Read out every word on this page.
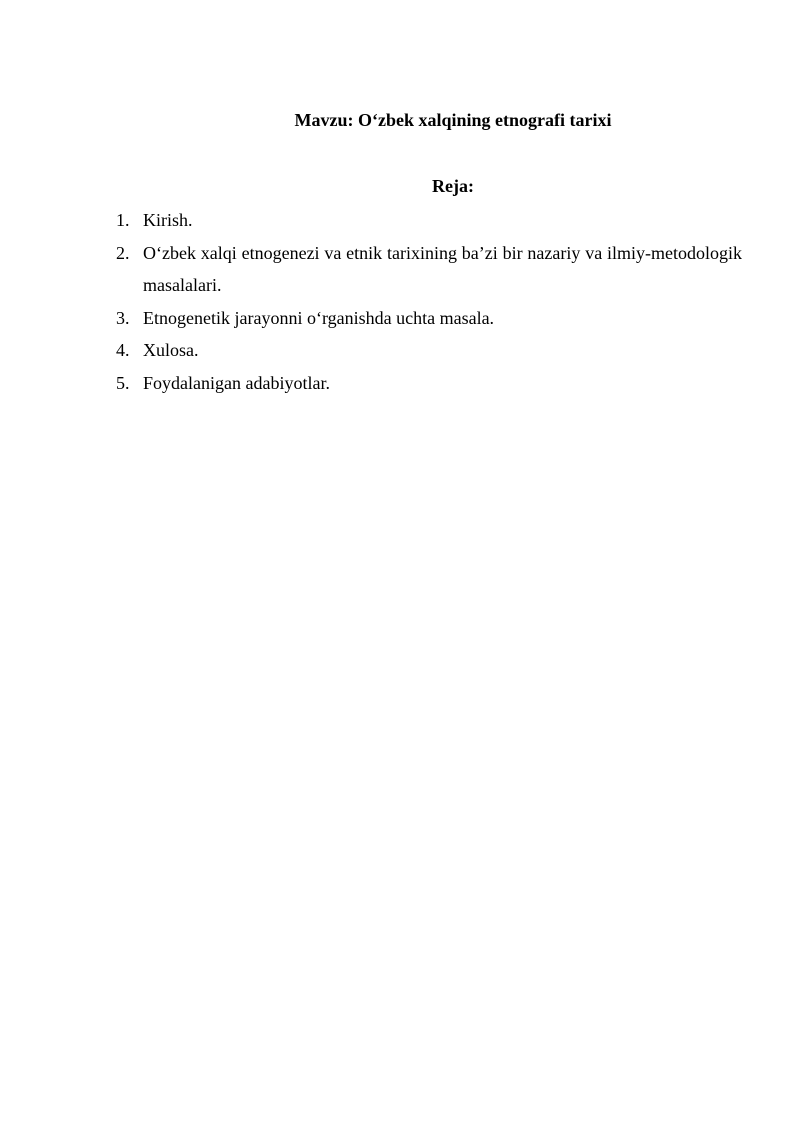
Mavzu: O‘zbek xalqining etnografi tarixi
Reja:
1. Kirish.
2. O‘zbek xalqi etnogenezi va etnik tarixining ba’zi bir nazariy va ilmiy-metodologik masalalari.
3. Etnogenetik jarayonni o‘rganishda uchta masala.
4. Xulosa.
5. Foydalanigan adabiyotlar.
